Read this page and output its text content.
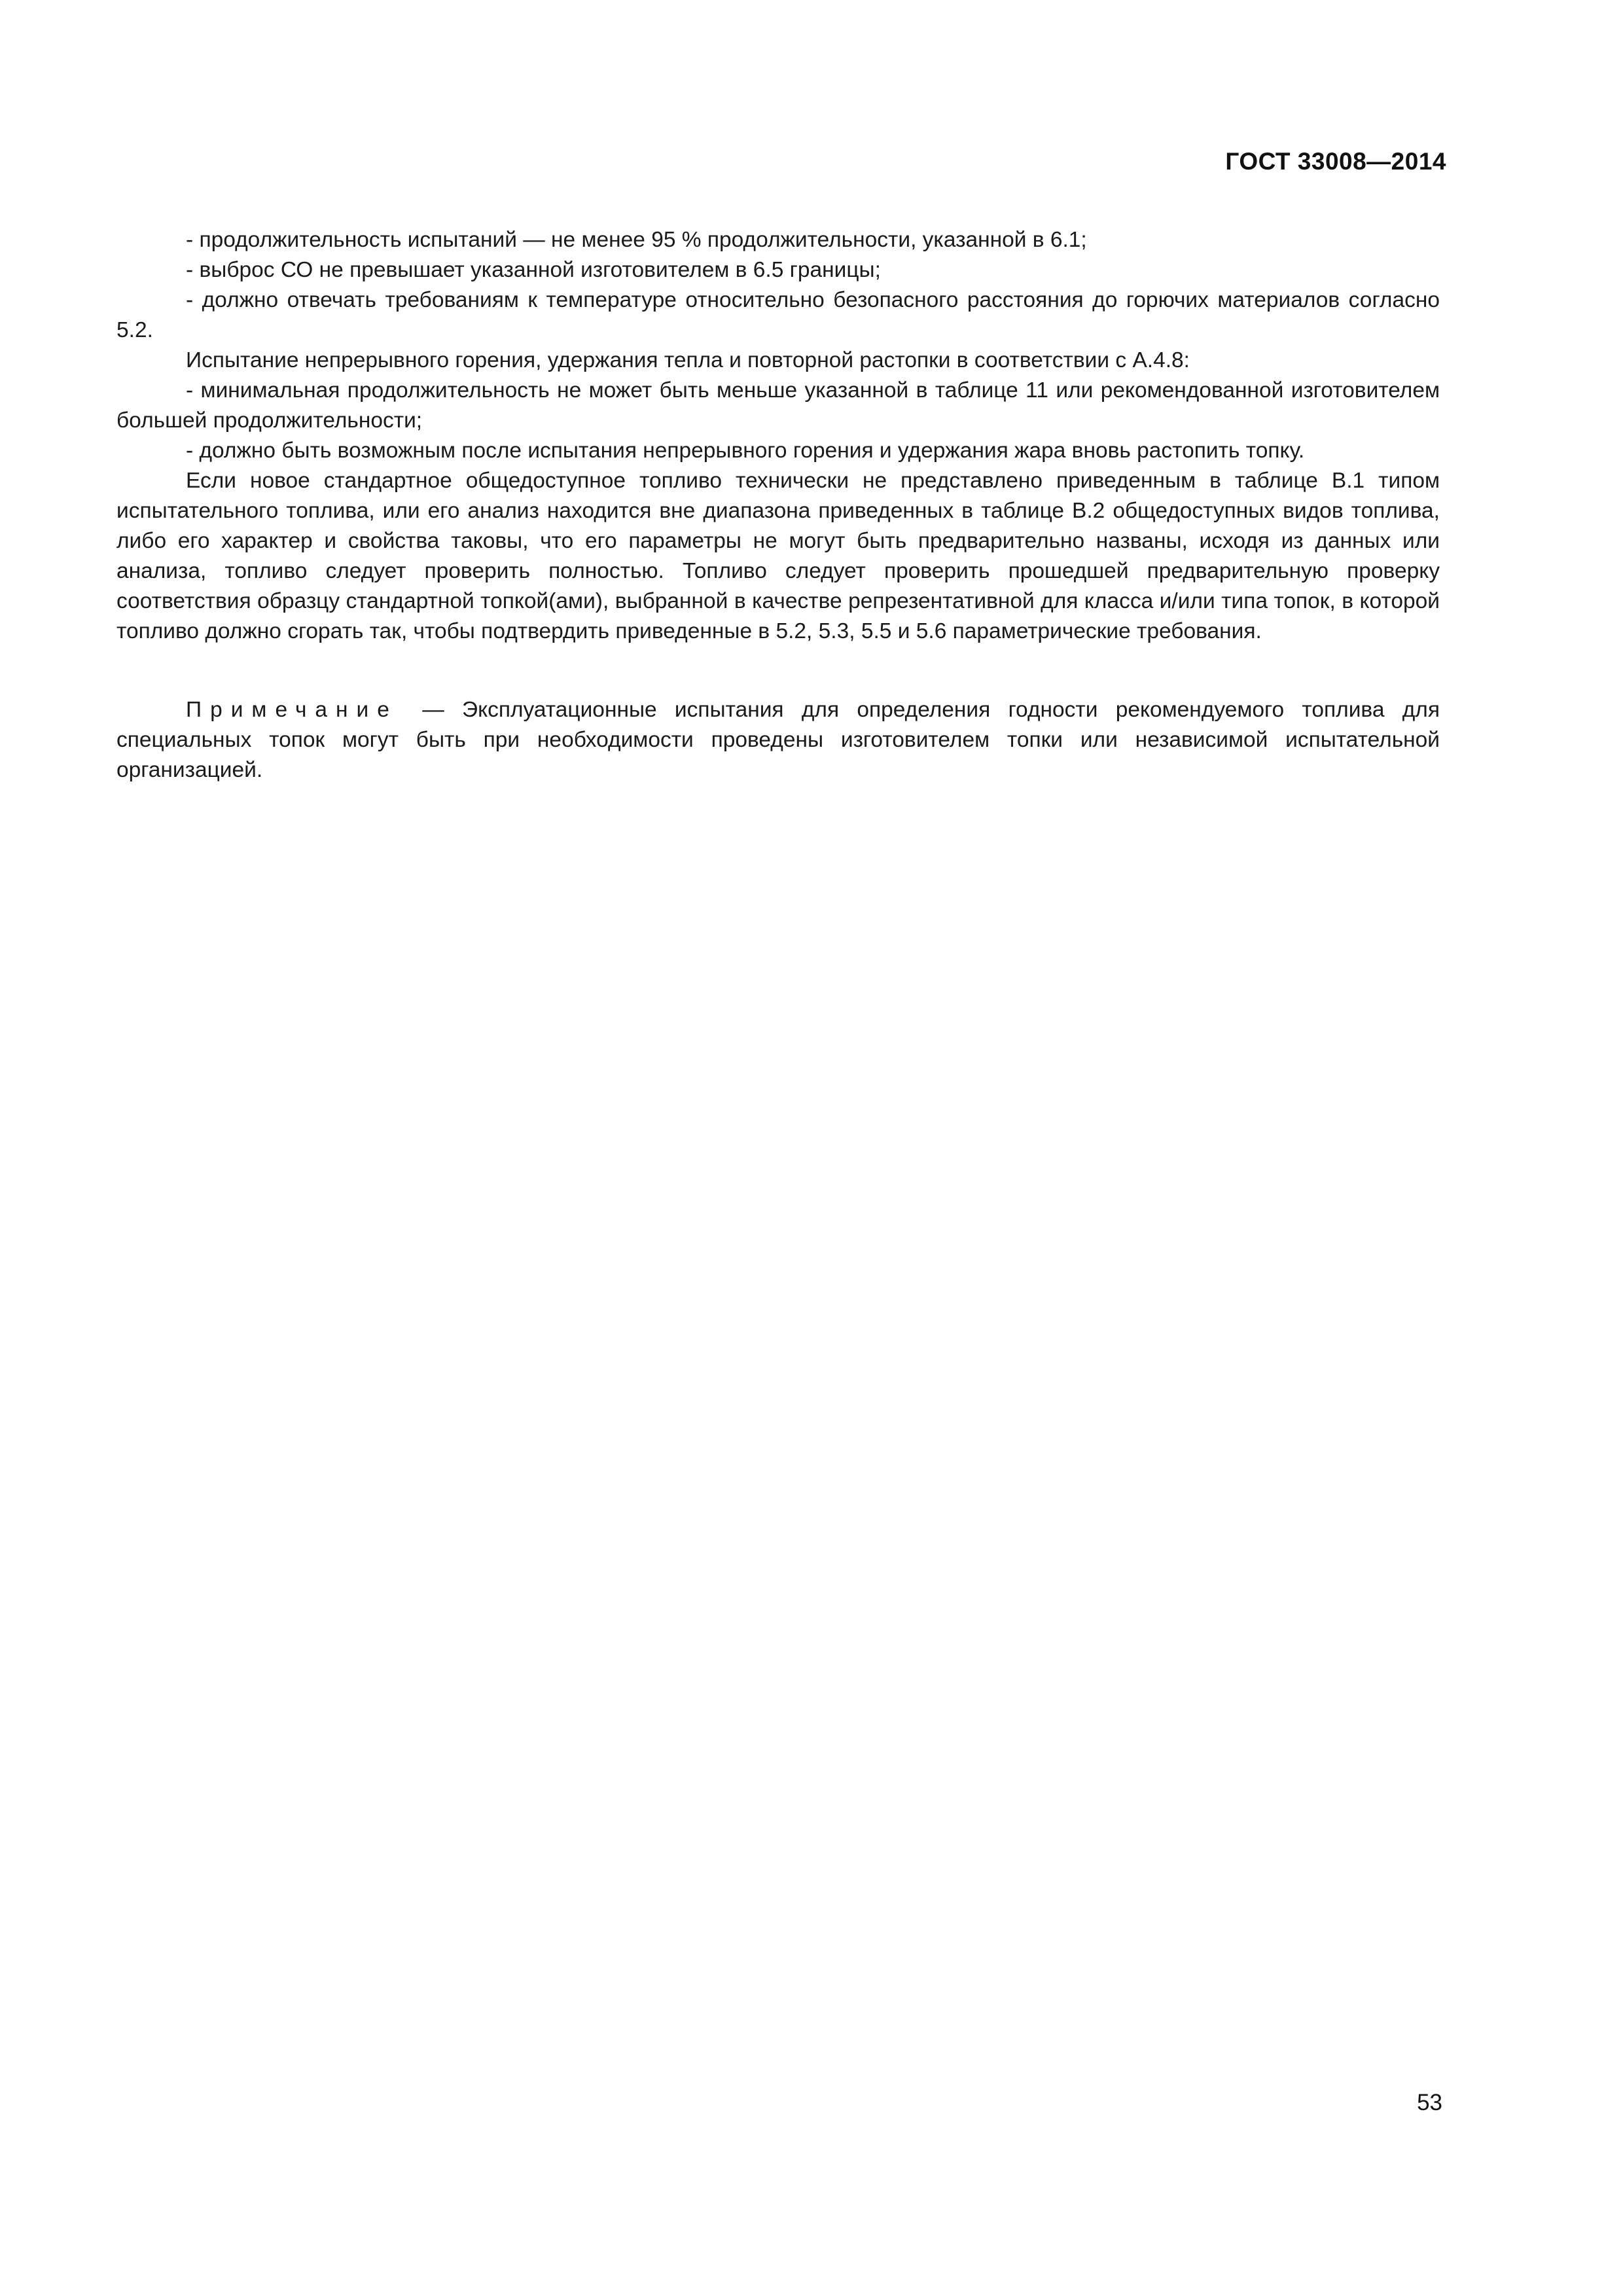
ГОСТ 33008—2014

- продолжительность испытаний — не менее 95 % продолжительности, указанной в 6.1;

- выброс СО не превышает указанной изготовителем в 6.5 границы;

- должно отвечать требованиям к температуре относительно безопасного расстояния до горючих материалов согласно 5.2.

Испытание непрерывного горения, удержания тепла и повторной растопки в соответствии с А.4.8:

- минимальная продолжительность не может быть меньше указанной в таблице 11 или рекомендованной изготовителем большей продолжительности;

- должно быть возможным после испытания непрерывного горения и удержания жара вновь растопить топку.

Если новое стандартное общедоступное топливо технически не представлено приведенным в таблице В.1 типом испытательного топлива, или его анализ находится вне диапазона приведенных в таблице В.2 общедоступных видов топлива, либо его характер и свойства таковы, что его параметры не могут быть предварительно названы, исходя из данных или анализа, топливо следует проверить полностью. Топливо следует проверить прошедшей предварительную проверку соответствия образцу стандартной топкой(ами), выбранной в качестве репрезентативной для класса и/или типа топок, в которой топливо должно сгорать так, чтобы подтвердить приведенные в 5.2, 5.3, 5.5 и 5.6 параметрические требования.

Примечание — Эксплуатационные испытания для определения годности рекомендуемого топлива для специальных топок могут быть при необходимости проведены изготовителем топки или независимой испытательной организацией.

53
